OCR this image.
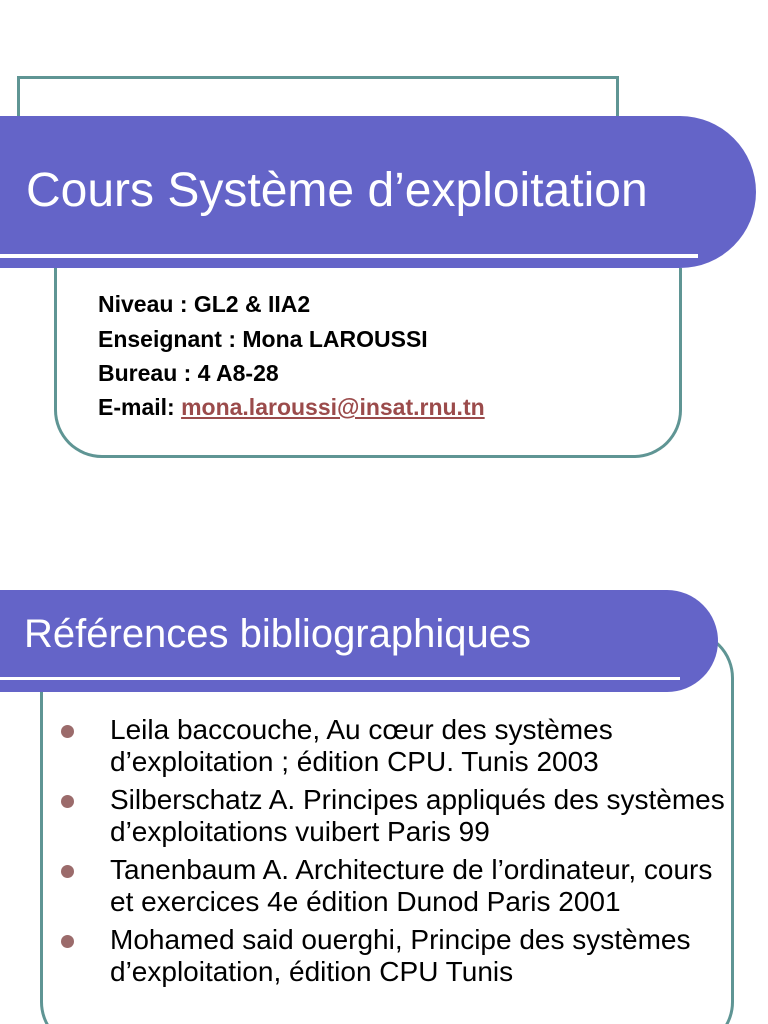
Cours Système d’exploitation
Niveau : GL2 & IIA2
Enseignant : Mona LAROUSSI
Bureau : 4 A8-28
E-mail: mona.laroussi@insat.rnu.tn
Références bibliographiques
Leila baccouche, Au cœur des systèmes d’exploitation ; édition CPU. Tunis 2003
Silberschatz A. Principes appliqués des systèmes d’exploitations vuibert Paris 99
Tanenbaum A. Architecture de l’ordinateur, cours et exercices 4e édition Dunod Paris 2001
Mohamed said ouerghi, Principe des systèmes d’exploitation, édition CPU Tunis
